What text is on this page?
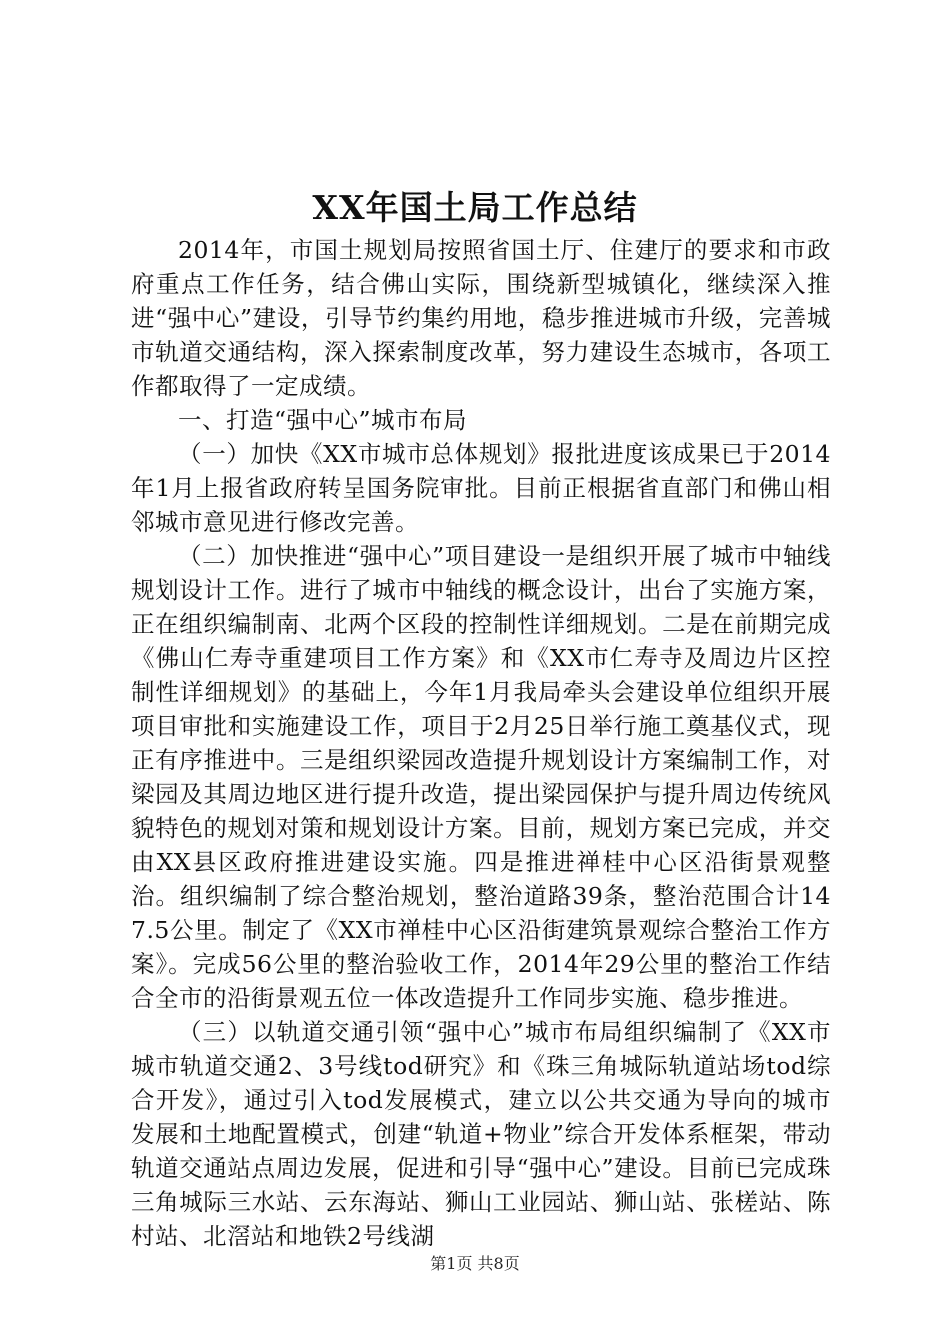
XX年国土局工作总结

2014年，市国土规划局按照省国土厅、住建厅的要求和市政府重点工作任务，结合佛山实际，围绕新型城镇化，继续深入推进“强中心”建设，引导节约集约用地，稳步推进城市升级，完善城市轨道交通结构，深入探索制度改革，努力建设生态城市，各项工作都取得了一定成绩。

一、打造“强中心”城市布局

（一）加快《XX市城市总体规划》报批进度该成果已于2014年1月上报省政府转呈国务院审批。目前正根据省直部门和佛山相邻城市意见进行修改完善。

（二）加快推进“强中心”项目建设一是组织开展了城市中轴线规划设计工作。进行了城市中轴线的概念设计，出台了实施方案，正在组织编制南、北两个区段的控制性详细规划。二是在前期完成《佛山仁寿寺重建项目工作方案》和《XX市仁寿寺及周边片区控制性详细规划》的基础上，今年1月我局牵头会建设单位组织开展项目审批和实施建设工作，项目于2月25日举行施工奠基仪式，现正有序推进中。三是组织梁园改造提升规划设计方案编制工作，对梁园及其周边地区进行提升改造，提出梁园保护与提升周边传统风貌特色的规划对策和规划设计方案。目前，规划方案已完成，并交由XX县区政府推进建设实施。四是推进禅桂中心区沿街景观整治。组织编制了综合整治规划，整治道路39条，整治范围合计147.5公里。制定了《XX市禅桂中心区沿街建筑景观综合整治工作方案》。完成56公里的整治验收工作，2014年29公里的整治工作结合全市的沿街景观五位一体改造提升工作同步实施、稳步推进。

（三）以轨道交通引领“强中心”城市布局组织编制了《XX市城市轨道交通2、3号线tod研究》和《珠三角城际轨道站场tod综合开发》，通过引入tod发展模式，建立以公共交通为导向的城市发展和土地配置模式，创建“轨道+物业”综合开发体系框架，带动轨道交通站点周边发展，促进和引导“强中心”建设。目前已完成珠三角城际三水站、云东海站、狮山工业园站、狮山站、张槎站、陈村站、北滘站和地铁2号线湖

第1页 共8页
